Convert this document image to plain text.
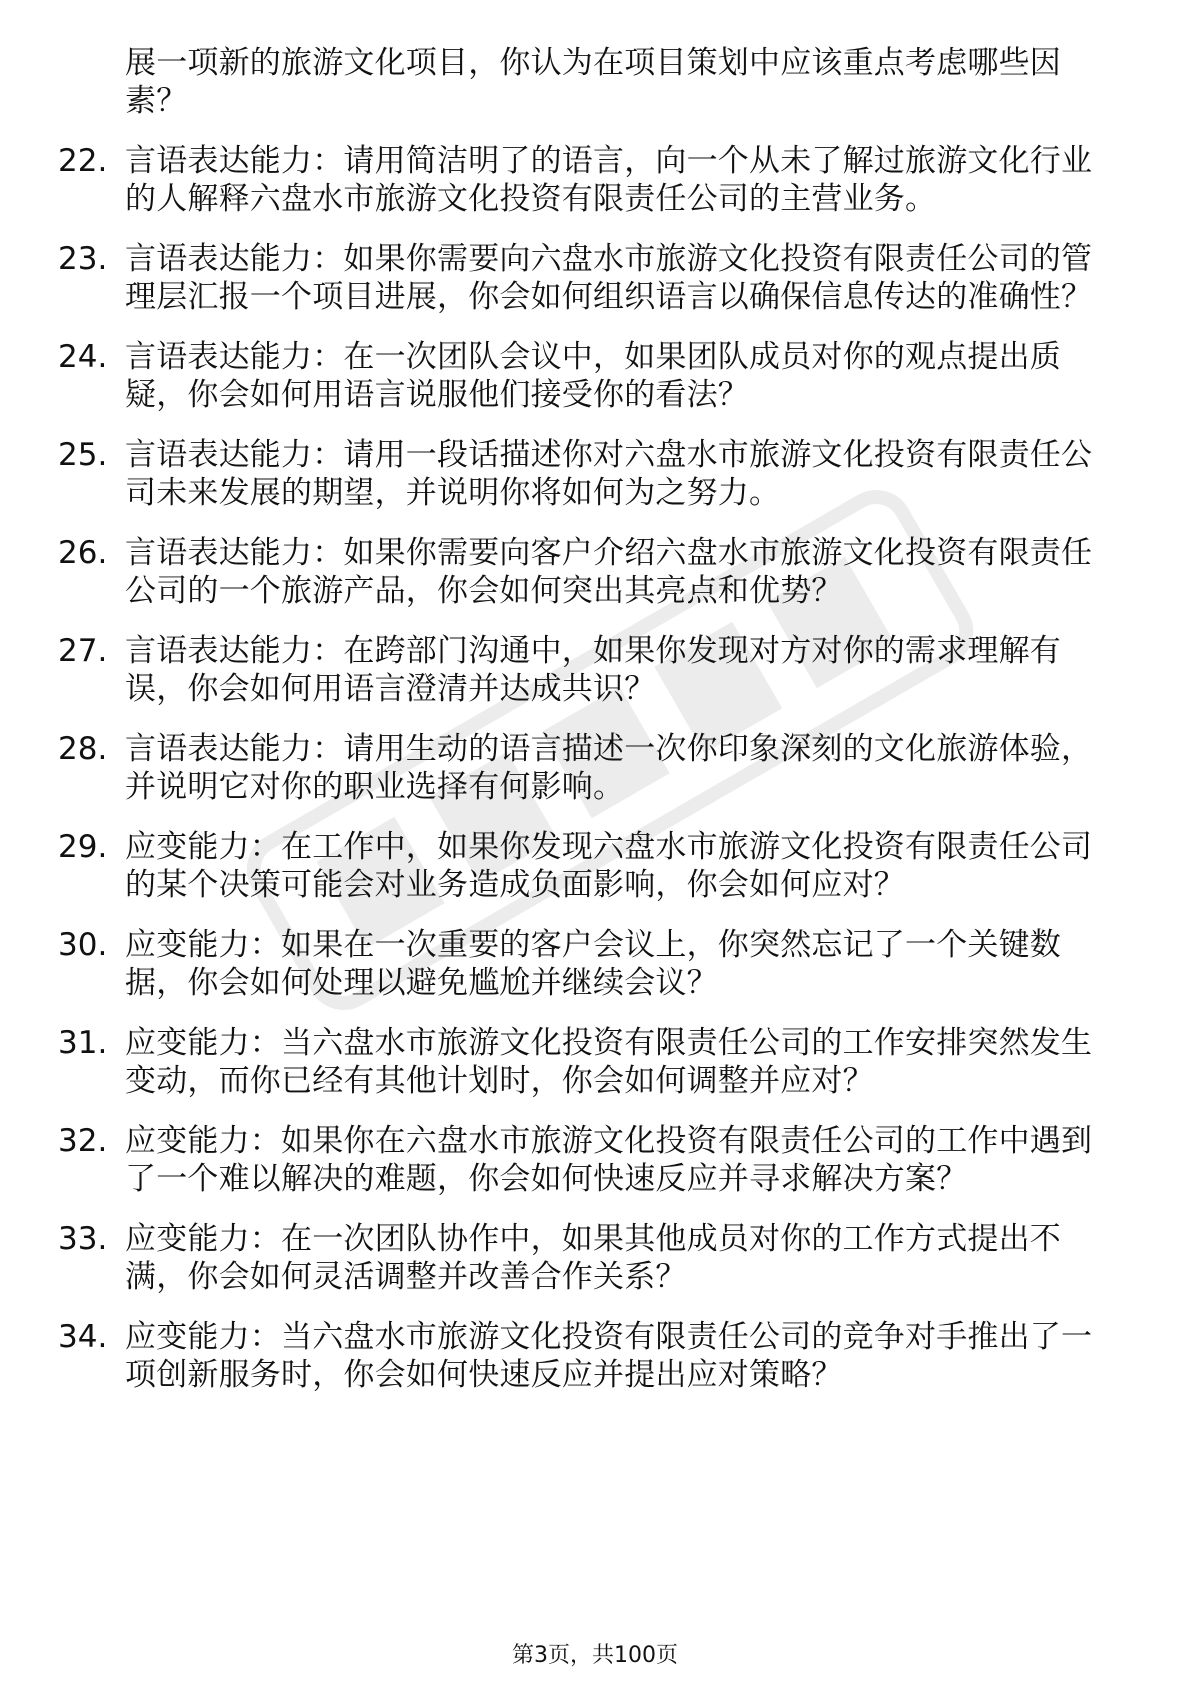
展一项新的旅游文化项目，你认为在项目策划中应该重点考虑哪些因素？
22. 言语表达能力：请用简洁明了的语言，向一个从未了解过旅游文化行业的人解释六盘水市旅游文化投资有限责任公司的主营业务。
23. 言语表达能力：如果你需要向六盘水市旅游文化投资有限责任公司的管理层汇报一个项目进展，你会如何组织语言以确保信息传达的准确性？
24. 言语表达能力：在一次团队会议中，如果团队成员对你的观点提出质疑，你会如何用语言说服他们接受你的看法？
25. 言语表达能力：请用一段话描述你对六盘水市旅游文化投资有限责任公司未来发展的期望，并说明你将如何为之努力。
26. 言语表达能力：如果你需要向客户介绍六盘水市旅游文化投资有限责任公司的一个旅游产品，你会如何突出其亮点和优势？
27. 言语表达能力：在跨部门沟通中，如果你发现对方对你的需求理解有误，你会如何用语言澄清并达成共识？
28. 言语表达能力：请用生动的语言描述一次你印象深刻的文化旅游体验，并说明它对你的职业选择有何影响。
29. 应变能力：在工作中，如果你发现六盘水市旅游文化投资有限责任公司的某个决策可能会对业务造成负面影响，你会如何应对？
30. 应变能力：如果在一次重要的客户会议上，你突然忘记了一个关键数据，你会如何处理以避免尴尬并继续会议？
31. 应变能力：当六盘水市旅游文化投资有限责任公司的工作安排突然发生变动，而你已经有其他计划时，你会如何调整并应对？
32. 应变能力：如果你在六盘水市旅游文化投资有限责任公司的工作中遇到了一个难以解决的难题，你会如何快速反应并寻求解决方案？
33. 应变能力：在一次团队协作中，如果其他成员对你的工作方式提出不满，你会如何灵活调整并改善合作关系？
34. 应变能力：当六盘水市旅游文化投资有限责任公司的竞争对手推出了一项创新服务时，你会如何快速反应并提出应对策略？
第3页，共100页
